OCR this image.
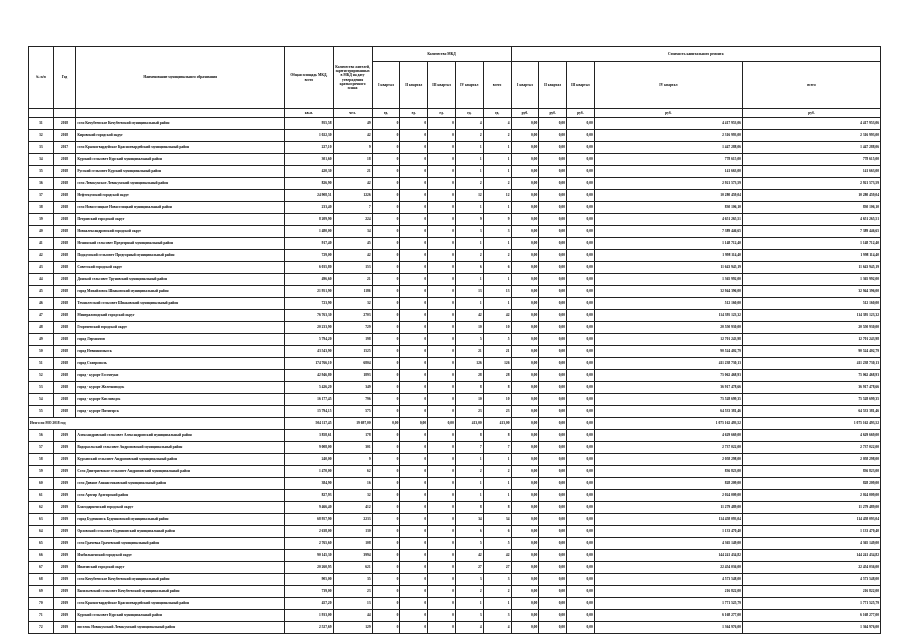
№ п/п	Год	Наименование муниципального образования	Общая площадь МКД, всего	Количество жителей, зарегистрированных в МКД на дату утверждения краткосрочного плана	Количество МКД					Стоимость капитального ремонта				
					I квартал	II квартал	III квартал	IV квартал	всего	I квартал	II квартал	III квартал	IV квартал	всего
			кв.м.	чел.	ед.	ед.	ед.	ед.	ед.	руб.	руб.	руб.	руб.	руб.
31	2018	село Кочубеевское Кочубеевский муниципальный район	955,58	49	0	0	0	4	4	0,00	0,00	0,00	4 417 953,06	4 417 953,06
32	2018	Кировский городской округ	1 022,30	42	0	0	0	2	2	0,00	0,00	0,00	2 316 993,00	2 316 993,00
33	2017	село Красногвардейское Красногвардейский муниципальный район	227,10	9	0	0	0	1	1	0,00	0,00	0,00	1 447 288,06	1 447 288,06
34	2018	Курский сельсовет Курский муниципальный район	301,60	18	0	0	0	1	1	0,00	0,00	0,00	778 615,00	778 615,00
35	2018	Русский сельсовет Курский муниципальный район	420,30	21	0	0	0	1	1	0,00	0,00	0,00	141 663,00	141 663,00
36	2018	село Левокумское Левокумский муниципальный район	826,90	42	0	0	0	2	2	0,00	0,00	0,00	2 921 573,59	2 921 573,59
37	2018	Нефтекумский городской округ	24 908,51	1226	0	0	0	12	12	0,00	0,00	0,00	10 280 459,04	10 280 459,04
38	2018	село Новоселицкое Новоселицкий муниципальный район	233,40	7	0	0	0	1	1	0,00	0,00	0,00	830 106,10	830 106,10
39	2018	Петровский городской округ	8 209,90	224	0	0	0	9	9	0,00	0,00	0,00	4 651 265,51	4 651 265,51
40	2018	Новоалександровский городской округ	1 480,00	34	0	0	0	3	3	0,00	0,00	0,00	7 389 446,65	7 389 446,65
41	2018	Нежинский сельсовет Предгорный муниципальный район	917,40	45	0	0	0	1	1	0,00	0,00	0,00	1 148 712,40	1 148 712,40
42	2018	Подкумский сельсовет Предгорный муниципальный район	729,00	42	0	0	0	2	2	0,00	0,00	0,00	1 998 114,40	1 998 114,40
43	2018	Советский городской округ	6 035,80	153	0	0	0	6	6	0,00	0,00	0,00	11 643 945,19	11 643 945,19
44	2018	Донской сельсовет Труновский муниципальный район	496,60	21	0	0	0	1	1	0,00	0,00	0,00	1 365 992,00	1 365 992,00
45	2018	город Михайловск Шпаковский муниципальный район	21 951,90	1186	0	0	0	13	13	0,00	0,00	0,00	32 944 396,00	32 944 396,00
46	2018	Темнолесский сельсовет Шпаковский муниципальный район	723,90	32	0	0	0	1	1	0,00	0,00	0,00	512 160,00	512 160,00
47	2018	Минераловодский городской округ	76 763,30	2703	0	0	0	42	42	0,00	0,00	0,00	114 395 123,32	114 395 123,32
48	2018	Георгиевский городской округ	20 233,90	729	0	0	0	10	10	0,00	0,00	0,00	20 550 930,00	20 550 930,00
49	2018	город Лермонтов	5 794,20	198	0	0	0	5	5	0,00	0,00	0,00	12 701 243,98	12 701 243,98
50	2018	город Невинномысск	43 543,90	1525	0	0	0	21	21	0,00	0,00	0,00	90 524 402,79	90 524 402,79
51	2018	город Ставрополь	174 766,10	6804	0	0	0	126	126	0,00	0,00	0,00	411 238 730,13	411 238 730,13
52	2018	город - курорт Ессентуки	42 946,80	1893	0	0	0	28	28	0,00	0,00	0,00	75 062 468,93	75 062 468,93
53	2018	город - курорт Железноводск	5 426,20	349	0	0	0	8	8	0,00	0,00	0,00	36 917 478,66	36 917 478,66
54	2018	город - курорт Кисловодск	16 177,45	796	0	0	0	10	10	0,00	0,00	0,00	75 528 699,35	75 528 699,35
55	2018	город - курорт Пятигорск	15 794,15	575	0	0	0	23	23	0,00	0,00	0,00	64 533 381,46	64 533 381,46
Итого по МО 2018 год			504 117,45	19 697,00	0,00	0,00	0,00	413,00	413,00	0,00	0,00	0,00	1 075 162 493,52	1 075 162 493,52
56	2019	Александровский сельсовет Александровский муниципальный район	3 858,61	178	0	0	0	8	8	0,00	0,00	0,00	4 629 669,00	4 629 669,00
57	2019	Водорасльский сельсовет Андроповский муниципальный район	9 008,00	301	0	0	0	7	7	0,00	0,00	0,00	2 737 022,00	2 737 022,00
58	2019	Курсавский сельсовет Андроповский муниципальный район	240,00	9	0	0	0	1	1	0,00	0,00	0,00	2 058 298,00	2 058 298,00
59	2019	Село Дмитриевское сельсовет Андроповский муниципальный район	1 470,00	62	0	0	0	2	2	0,00	0,00	0,00	836 823,00	836 823,00
60	2019	село Дивное Апанасенковский муниципальный район	384,90	16	0	0	0	1	1	0,00	0,00	0,00	828 209,00	828 209,00
61	2019	село Арзгир Арзгирский район	827,93	32	0	0	0	1	1	0,00	0,00	0,00	2 024 009,00	2 024 009,00
62	2019	Благодарненский городской округ	9 466,40	412	0	0	0	8	8	0,00	0,00	0,00	11 279 489,00	11 279 489,00
63	2019	город Буденновск Буденновский муниципальный район	68 957,90	2233	0	0	0	34	34	0,00	0,00	0,00	114 458 093,04	114 458 093,04
64	2019	Орловский сельсовет Буденновский муниципальный район	2 638,00	130	0	0	0	6	6	0,00	0,00	0,00	1 133 470,40	1 133 470,40
65	2019	село Грачевка Грачевский муниципальный район	2 765,60	108	0	0	0	5	5	0,00	0,00	0,00	4 365 149,00	4 365 149,00
66	2019	Изобильненский городской округ	90 145,30	3994	0	0	0	42	42	0,00	0,00	0,00	144 241 434,82	144 241 434,82
67	2019	Ипатовский городской округ	20 260,95	621	0	0	0	27	27	0,00	0,00	0,00	22 454 036,00	22 454 036,00
68	2019	село Кочубеевское Кочубеевский муниципальный район	905,00	35	0	0	0	3	3	0,00	0,00	0,00	4 573 548,00	4 573 548,00
69	2019	Васильевский сельсовет Кочубеевский муниципальный район	739,00	23	0	0	0	2	2	0,00	0,00	0,00	216 822,00	216 822,00
70	2019	село Красногвардейское Красногвардейский муниципальный район	457,20	13	0	0	0	1	1	0,00	0,00	0,00	1 771 525,79	1 771 525,79
71	2019	Курский сельсовет Курский муниципальный район	1 933,00	44	0	0	0	3	3	0,00	0,00	0,00	6 168 277,00	6 168 277,00
72	2019	поселок Новокумский Левокумский муниципальный район	2 527,69	129	0	0	0	4	4	0,00	0,00	0,00	1 364 976,00	1 364 976,00
